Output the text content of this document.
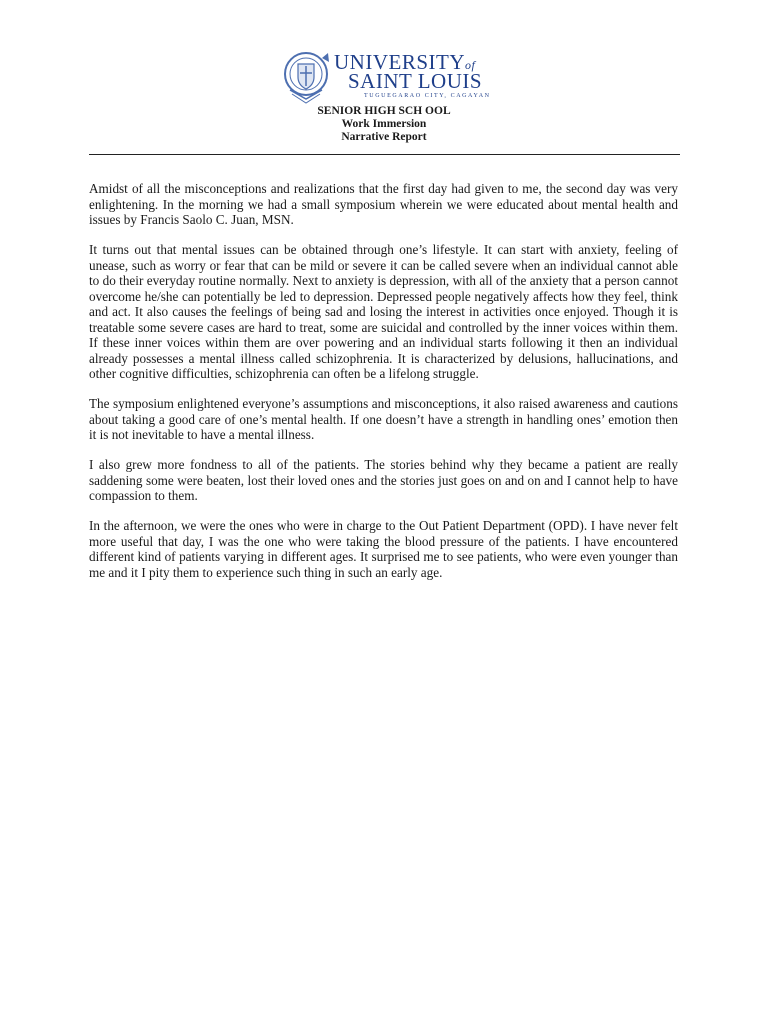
UNIVERSITYof
SAINT LOUIS
TUGUEGARAO CITY, CAGAYAN
SENIOR HIGH SCH OOL
Work Immersion
Narrative Report

Amidst of all the misconceptions and realizations that the first day had given to me, the second day was very enlightening. In the morning we had a small symposium wherein we were educated about mental health and issues by Francis Saolo C. Juan, MSN.

It turns out that mental issues can be obtained through one’s lifestyle. It can start with anxiety, feeling of unease, such as worry or fear that can be mild or severe it can be called severe when an individual cannot able to do their everyday routine normally. Next to anxiety is depression, with all of the anxiety that a person cannot overcome he/she can potentially be led to depression. Depressed people negatively affects how they feel, think and act. It also causes the feelings of being sad and losing the interest in activities once enjoyed. Though it is treatable some severe cases are hard to treat, some are suicidal and controlled by the inner voices within them. If these inner voices within them are over powering and an individual starts following it then an individual already possesses a mental illness called schizophrenia. It is characterized by delusions, hallucinations, and other cognitive difficulties, schizophrenia can often be a lifelong struggle.

The symposium enlightened everyone’s assumptions and misconceptions, it also raised awareness and cautions about taking a good care of one’s mental health. If one doesn’t have a strength in handling ones’ emotion then it is not inevitable to have a mental illness.

I also grew more fondness to all of the patients. The stories behind why they became a patient are really saddening some were beaten, lost their loved ones and the stories just goes on and on and I cannot help to have compassion to them.

In the afternoon, we were the ones who were in charge to the Out Patient Department (OPD). I have never felt more useful that day, I was the one who were taking the blood pressure of the patients. I have encountered different kind of patients varying in different ages. It surprised me to see patients, who were even younger than me and it I pity them to experience such thing in such an early age.
